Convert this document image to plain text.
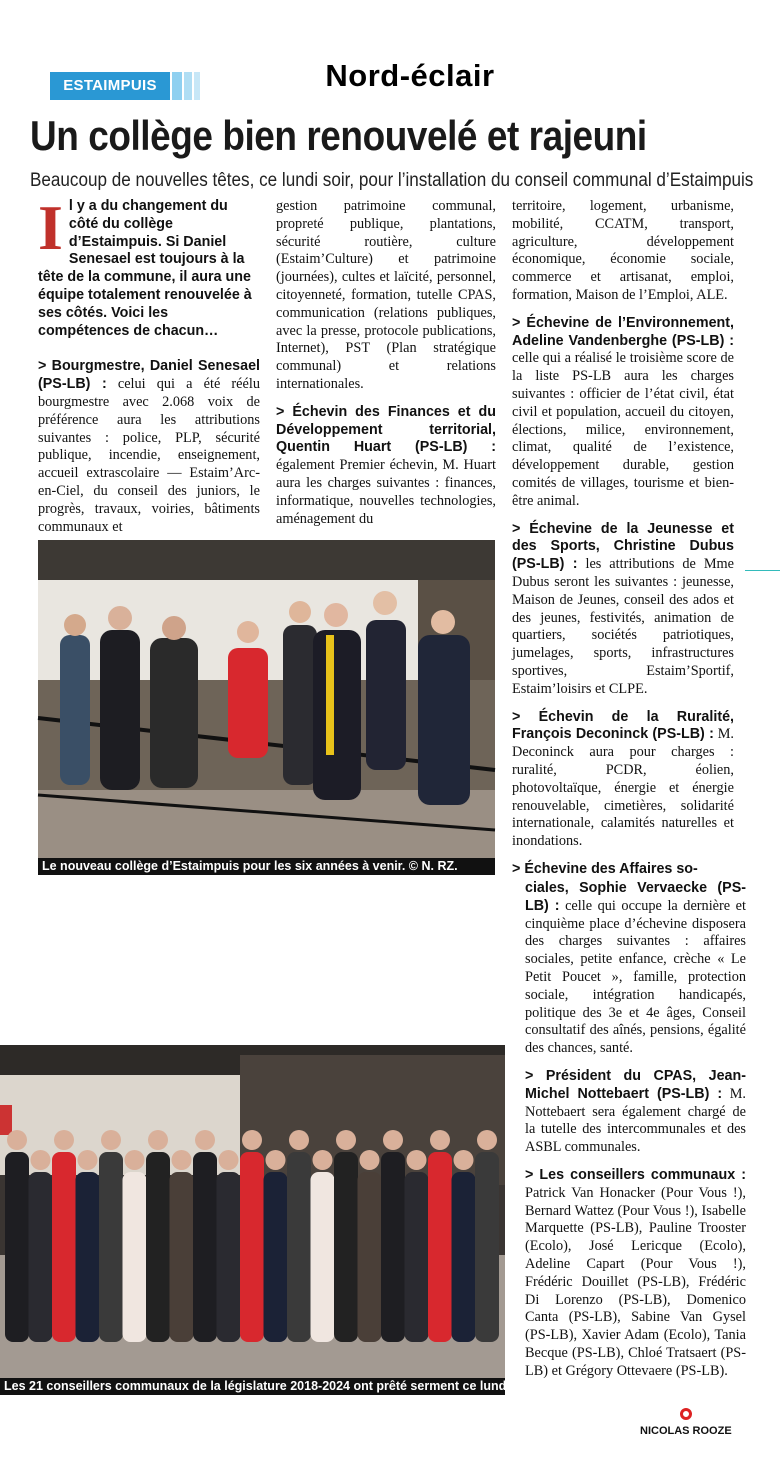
ESTAIMPUIS	Nord-éclair
Un collège bien renouvelé et rajeuni
Beaucoup de nouvelles têtes, ce lundi soir, pour l’installation du conseil communal d’Estaimpuis

Il y a du changement du côté du collège d’Estaimpuis. Si Daniel Senesael est toujours à la tête de la commune, il aura une équipe totalement renouvelée à ses côtés. Voici les compétences de chacun…

> Bourgmestre, Daniel Senesael (PS-LB) : celui qui a été réélu bourgmestre avec 2.068 voix de préférence aura les attributions suivantes : police, PLP, sécurité publique, incendie, enseignement, accueil extrascolaire — Estaim’Arc-en-Ciel, du conseil des juniors, le progrès, travaux, voiries, bâtiments communaux et

gestion patrimoine communal, propreté publique, plantations, sécurité routière, culture (Estaim’Culture) et patrimoine (journées), cultes et laïcité, personnel, citoyenneté, formation, tutelle CPAS, communication (relations publiques, avec la presse, protocole publications, Internet), PST (Plan stratégique communal) et relations internationales.

> Échevin des Finances et du Développement territorial, Quentin Huart (PS-LB) : également Premier échevin, M. Huart aura les charges suivantes : finances, informatique, nouvelles technologies, aménagement du

territoire, logement, urbanisme, mobilité, CCATM, transport, agriculture, développement économique, économie sociale, commerce et artisanat, emploi, formation, Maison de l’Emploi, ALE.

> Échevine de l’Environnement, Adeline Vandenberghe (PS-LB) : celle qui a réalisé le troisième score de la liste PS-LB aura les charges suivantes : officier de l’état civil, état civil et population, accueil du citoyen, élections, milice, environnement, climat, qualité de l’existence, développement durable, gestion comités de villages, tourisme et bien-être animal.

> Échevine de la Jeunesse et des Sports, Christine Dubus (PS-LB) : les attributions de Mme Dubus seront les suivantes : jeunesse, Maison de Jeunes, conseil des ados et des jeunes, festivités, animation de quartiers, sociétés patriotiques, jumelages, sports, infrastructures sportives, Estaim’Sportif, Estaim’loisirs et CLPE.

> Échevin de la Ruralité, François Deconinck (PS-LB) : M. Deconinck aura pour charges : ruralité, PCDR, éolien, photovoltaïque, énergie et énergie renouvelable, cimetières, solidarité internationale, calamités naturelles et inondations.

> Échevine des Affaires so-

ciales, Sophie Vervaecke (PS-LB) : celle qui occupe la dernière et cinquième place d’échevine disposera des charges suivantes : affaires sociales, petite enfance, crèche « Le Petit Poucet », famille, protection sociale, intégration handicapés, politique des 3e et 4e âges, Conseil consultatif des aînés, pensions, égalité des chances, santé.

> Président du CPAS, Jean-Michel Nottebaert (PS-LB) : M. Nottebaert sera également chargé de la tutelle des intercommunales et des ASBL communales.

> Les conseillers communaux : Patrick Van Honacker (Pour Vous !), Bernard Wattez (Pour Vous !), Isabelle Marquette (PS-LB), Pauline Trooster (Ecolo), José Lericque (Ecolo), Adeline Capart (Pour Vous !), Frédéric Douillet (PS-LB), Frédéric Di Lorenzo (PS-LB), Domenico Canta (PS-LB), Sabine Van Gysel (PS-LB), Xavier Adam (Ecolo), Tania Becque (PS-LB), Chloé Tratsaert (PS-LB) et Grégory Ottevaere (PS-LB).

NICOLAS ROOZE
Le nouveau collège d’Estaimpuis pour les six années à venir. © N. RZ.
Les 21 conseillers communaux de la législature 2018-2024 ont prêté serment ce lundi soir. © N. RZ.
